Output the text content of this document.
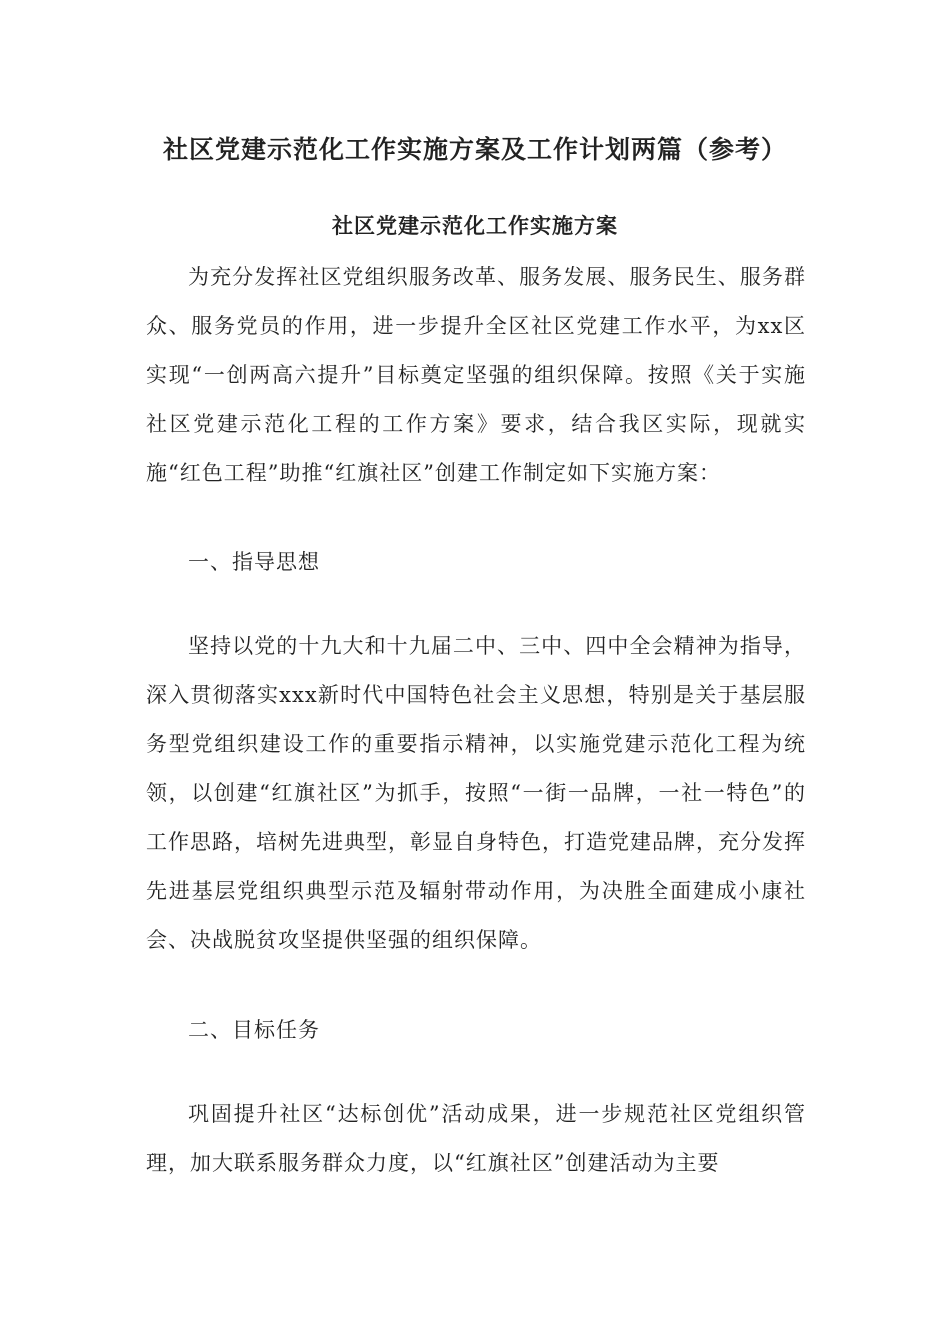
社区党建示范化工作实施方案及工作计划两篇（参考）
社区党建示范化工作实施方案

为充分发挥社区党组织服务改革、服务发展、服务民生、服务群众、服务党员的作用，进一步提升全区社区党建工作水平，为xx区实现“一创两高六提升”目标奠定坚强的组织保障。按照《关于实施社区党建示范化工程的工作方案》要求，结合我区实际，现就实施“红色工程”助推“红旗社区”创建工作制定如下实施方案：

一、指导思想

坚持以党的十九大和十九届二中、三中、四中全会精神为指导，深入贯彻落实xxx新时代中国特色社会主义思想，特别是关于基层服务型党组织建设工作的重要指示精神，以实施党建示范化工程为统领，以创建“红旗社区”为抓手，按照“一街一品牌，一社一特色”的工作思路，培树先进典型，彰显自身特色，打造党建品牌，充分发挥先进基层党组织典型示范及辐射带动作用，为决胜全面建成小康社会、决战脱贫攻坚提供坚强的组织保障。

二、目标任务

巩固提升社区“达标创优”活动成果，进一步规范社区党组织管理，加大联系服务群众力度，以“红旗社区”创建活动为主要
